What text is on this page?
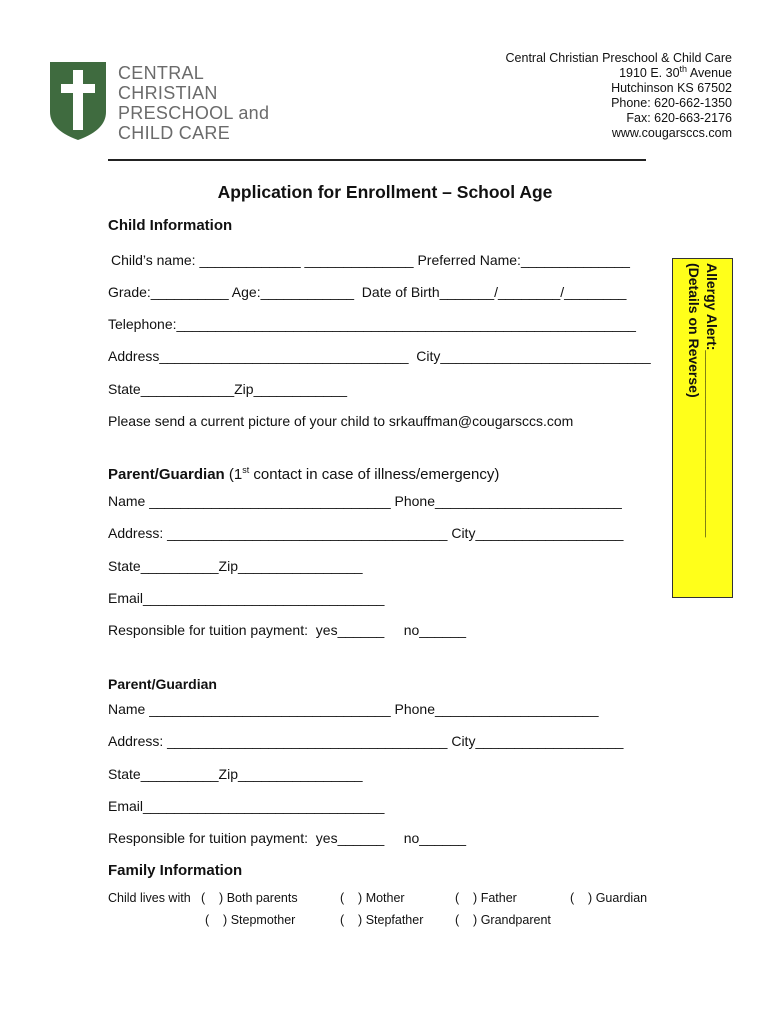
CENTRAL
CHRISTIAN
PRESCHOOL and
CHILD CARE
Central Christian Preschool & Child Care
1910 E. 30th Avenue
Hutchinson KS 67502
Phone: 620-662-1350
Fax: 620-663-2176
www.cougarsccs.com
Application for Enrollment – School Age
Child Information
Child’s name: _____________ ______________ Preferred Name:______________
Grade:__________ Age:____________  Date of Birth_______/________/________
Telephone:___________________________________________________________
Address________________________________  City___________________________
State____________Zip____________
Please send a current picture of your child to srkauffman@cougarsccs.com	Allergy Alert:________________________
(Details on Reverse)
Parent/Guardian (1st contact in case of illness/emergency)
Name _______________________________ Phone________________________
Address: ____________________________________ City___________________
State__________Zip________________
Email_______________________________
Responsible for tuition payment:  yes______     no______
Parent/Guardian
Name _______________________________ Phone_____________________
Address: ____________________________________ City___________________
State__________Zip________________
Email_______________________________
Responsible for tuition payment:  yes______     no______
Family Information
Child lives with (    ) Both parents	(    ) Mother	(    ) Father	(    ) Guardian
(    ) Stepmother	(    ) Stepfather	(    ) Grandparent
